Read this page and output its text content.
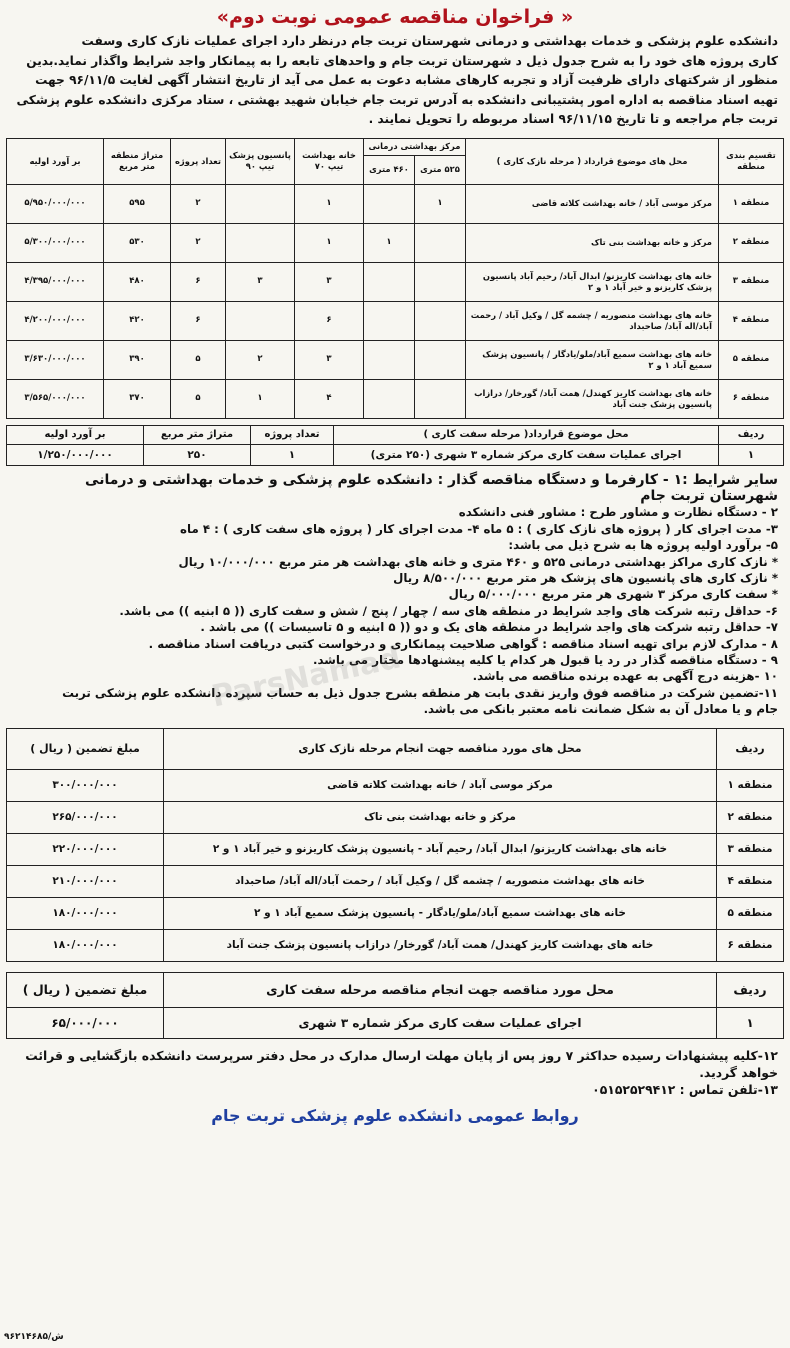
« فراخوان مناقصه عمومی نوبت دوم»
دانشکده علوم پزشکی و خدمات بهداشتی و درمانی شهرستان تربت جام درنظر دارد اجرای عملیات نازک کاری وسفت
کاری پروژه های خود را به شرح جدول ذیل د شهرستان تربت جام و واحدهای تابعه را به پیمانکار واجد شرایط واگذار نماید.بدین
منظور از شرکتهای دارای ظرفیت آزاد و تجربه کارهای مشابه دعوت به عمل می آید از تاریخ انتشار آگهی لغایت ۹۶/۱۱/۵ جهت
تهیه اسناد مناقصه به اداره امور پشتیبانی دانشکده به آدرس تربت جام خیابان شهید بهشتی ، ستاد مرکزی دانشکده علوم پزشکی
تربت جام مراجعه و تا تاریخ ۹۶/۱۱/۱۵ اسناد مربوطه را تحویل نمایند .
تقسیم بندی منطقه	محل های موضوع قرارداد ( مرحله نازک کاری )	مرکز بهداشتی درمانی		خانه بهداشت تیپ ۷۰	پانسیون پزشک تیپ ۹۰	تعداد پروژه	متراژ منطقه متر مربع	بر آورد اولیه
		۵۲۵ متری	۴۶۰ متری					
منطقه ۱	مرکز موسی آباد / خانه بهداشت کلاته قاضی	۱		۱		۲	۵۹۵	۵/۹۵۰/۰۰۰/۰۰۰
منطقه ۲	مرکز و خانه بهداشت بنی تاک		۱	۱		۲	۵۳۰	۵/۳۰۰/۰۰۰/۰۰۰
منطقه ۳	خانه های بهداشت کاریزنو/ ابدال آباد/ رحیم آباد پانسیون پزشک کاریزنو و خیر آباد ۱ و ۲			۳	۳	۶	۴۸۰	۴/۳۹۵/۰۰۰/۰۰۰
منطقه ۴	خانه های بهداشت منصوریه / چشمه گل / وکیل آباد / رحمت آباد/اله آباد/ صاحبداد			۶		۶	۴۲۰	۴/۲۰۰/۰۰۰/۰۰۰
منطقه ۵	خانه های بهداشت سمیع آباد/ملو/یادگار / پانسیون پزشک سمیع آباد ۱ و ۲			۳	۲	۵	۳۹۰	۳/۶۳۰/۰۰۰/۰۰۰
منطقه ۶	خانه های بهداشت کاریز کهندل/ همت آباد/ گورخار/ درازاب پانسیون پزشک جنت آباد			۴	۱	۵	۳۷۰	۳/۵۶۵/۰۰۰/۰۰۰
ردیف	محل موضوع قرارداد( مرحله سفت کاری )	تعداد پروژه	متراژ متر مربع	بر آورد اولیه
۱	اجرای عملیات سفت کاری مرکز شماره ۳ شهری (۲۵۰ متری)	۱	۲۵۰	۱/۲۵۰/۰۰۰/۰۰۰
سایر شرایط :۱ - کارفرما و دستگاه مناقصه گذار : دانشکده علوم پزشکی و خدمات بهداشتی و درمانی شهرستان تربت جام
۲ - دستگاه نظارت و مشاور طرح : مشاور فنی دانشکده
۳- مدت اجرای کار ( پروژه های نازک کاری ) : ۵ ماه ۴- مدت اجرای کار ( پروژه های سفت کاری ) : ۴ ماه
۵- برآورد اولیه پروژه ها به شرح ذیل می باشد:
* نازک کاری مراکز بهداشتی درمانی ۵۲۵ و ۴۶۰ متری و خانه های بهداشت هر متر مربع ۱۰/۰۰۰/۰۰۰ ریال
* نازک کاری های پانسیون های پزشک هر متر مربع ۸/۵۰۰/۰۰۰ ریال
* سفت کاری مرکز ۳ شهری هر متر مربع ۵/۰۰۰/۰۰۰ ریال
۶- حداقل رتبه شرکت های واجد شرایط در منطقه های سه / چهار / پنج / شش و سفت کاری (( ۵ ابنیه )) می باشد.
۷- حداقل رتبه شرکت های واجد شرایط در منطقه های یک و دو (( ۵ ابنیه و ۵ تاسیسات )) می باشد .
۸ - مدارک لازم برای تهیه اسناد مناقصه : گواهی صلاحیت پیمانکاری و درخواست کتبی دریافت اسناد مناقصه .
۹ - دستگاه مناقصه گذار در رد یا قبول هر کدام یا کلیه پیشنهادها مختار می باشد.
۱۰ -هزینه درج آگهی به عهده برنده مناقصه می باشد.
۱۱-تضمین شرکت در مناقصه فوق واریز نقدی بابت هر منطقه بشرح جدول ذیل به حساب سپرده دانشکده علوم پزشکی تربت
جام و یا معادل آن به شکل ضمانت نامه معتبر بانکی می باشد.
ردیف	محل های مورد مناقصه جهت انجام مرحله نازک کاری	مبلغ تضمین ( ریال )
منطقه ۱	مرکز موسی آباد / خانه بهداشت کلاته قاضی	۳۰۰/۰۰۰/۰۰۰
منطقه ۲	مرکز و خانه بهداشت بنی تاک	۲۶۵/۰۰۰/۰۰۰
منطقه ۳	خانه های بهداشت کاریزنو/ ابدال آباد/ رحیم آباد - پانسیون پزشک کاریزنو و خیر آباد ۱ و ۲	۲۲۰/۰۰۰/۰۰۰
منطقه ۴	خانه های بهداشت منصوریه / چشمه گل / وکیل آباد / رحمت آباد/اله آباد/ صاحبداد	۲۱۰/۰۰۰/۰۰۰
منطقه ۵	خانه های بهداشت سمیع آباد/ملو/یادگار - پانسیون پزشک سمیع آباد ۱ و ۲	۱۸۰/۰۰۰/۰۰۰
منطقه ۶	خانه های بهداشت کاریز کهندل/ همت آباد/ گورخار/ درازاب پانسیون پزشک جنت آباد	۱۸۰/۰۰۰/۰۰۰
ردیف	محل مورد مناقصه جهت انجام مناقصه مرحله سفت کاری	مبلغ تضمین ( ریال )
۱	اجرای عملیات سفت کاری مرکز شماره ۳ شهری	۶۵/۰۰۰/۰۰۰
۱۲-کلیه پیشنهادات رسیده حداکثر ۷ روز پس از پایان مهلت ارسال مدارک در محل دفتر سرپرست دانشکده بازگشایی و قرائت
خواهد گردید.
۱۳-تلفن تماس : ۰۵۱۵۲۵۲۹۴۱۲
روابط عمومی دانشکده علوم پزشکی تربت جام
۹۶۲۱۴۶۸۵/ش
ParsNamad
